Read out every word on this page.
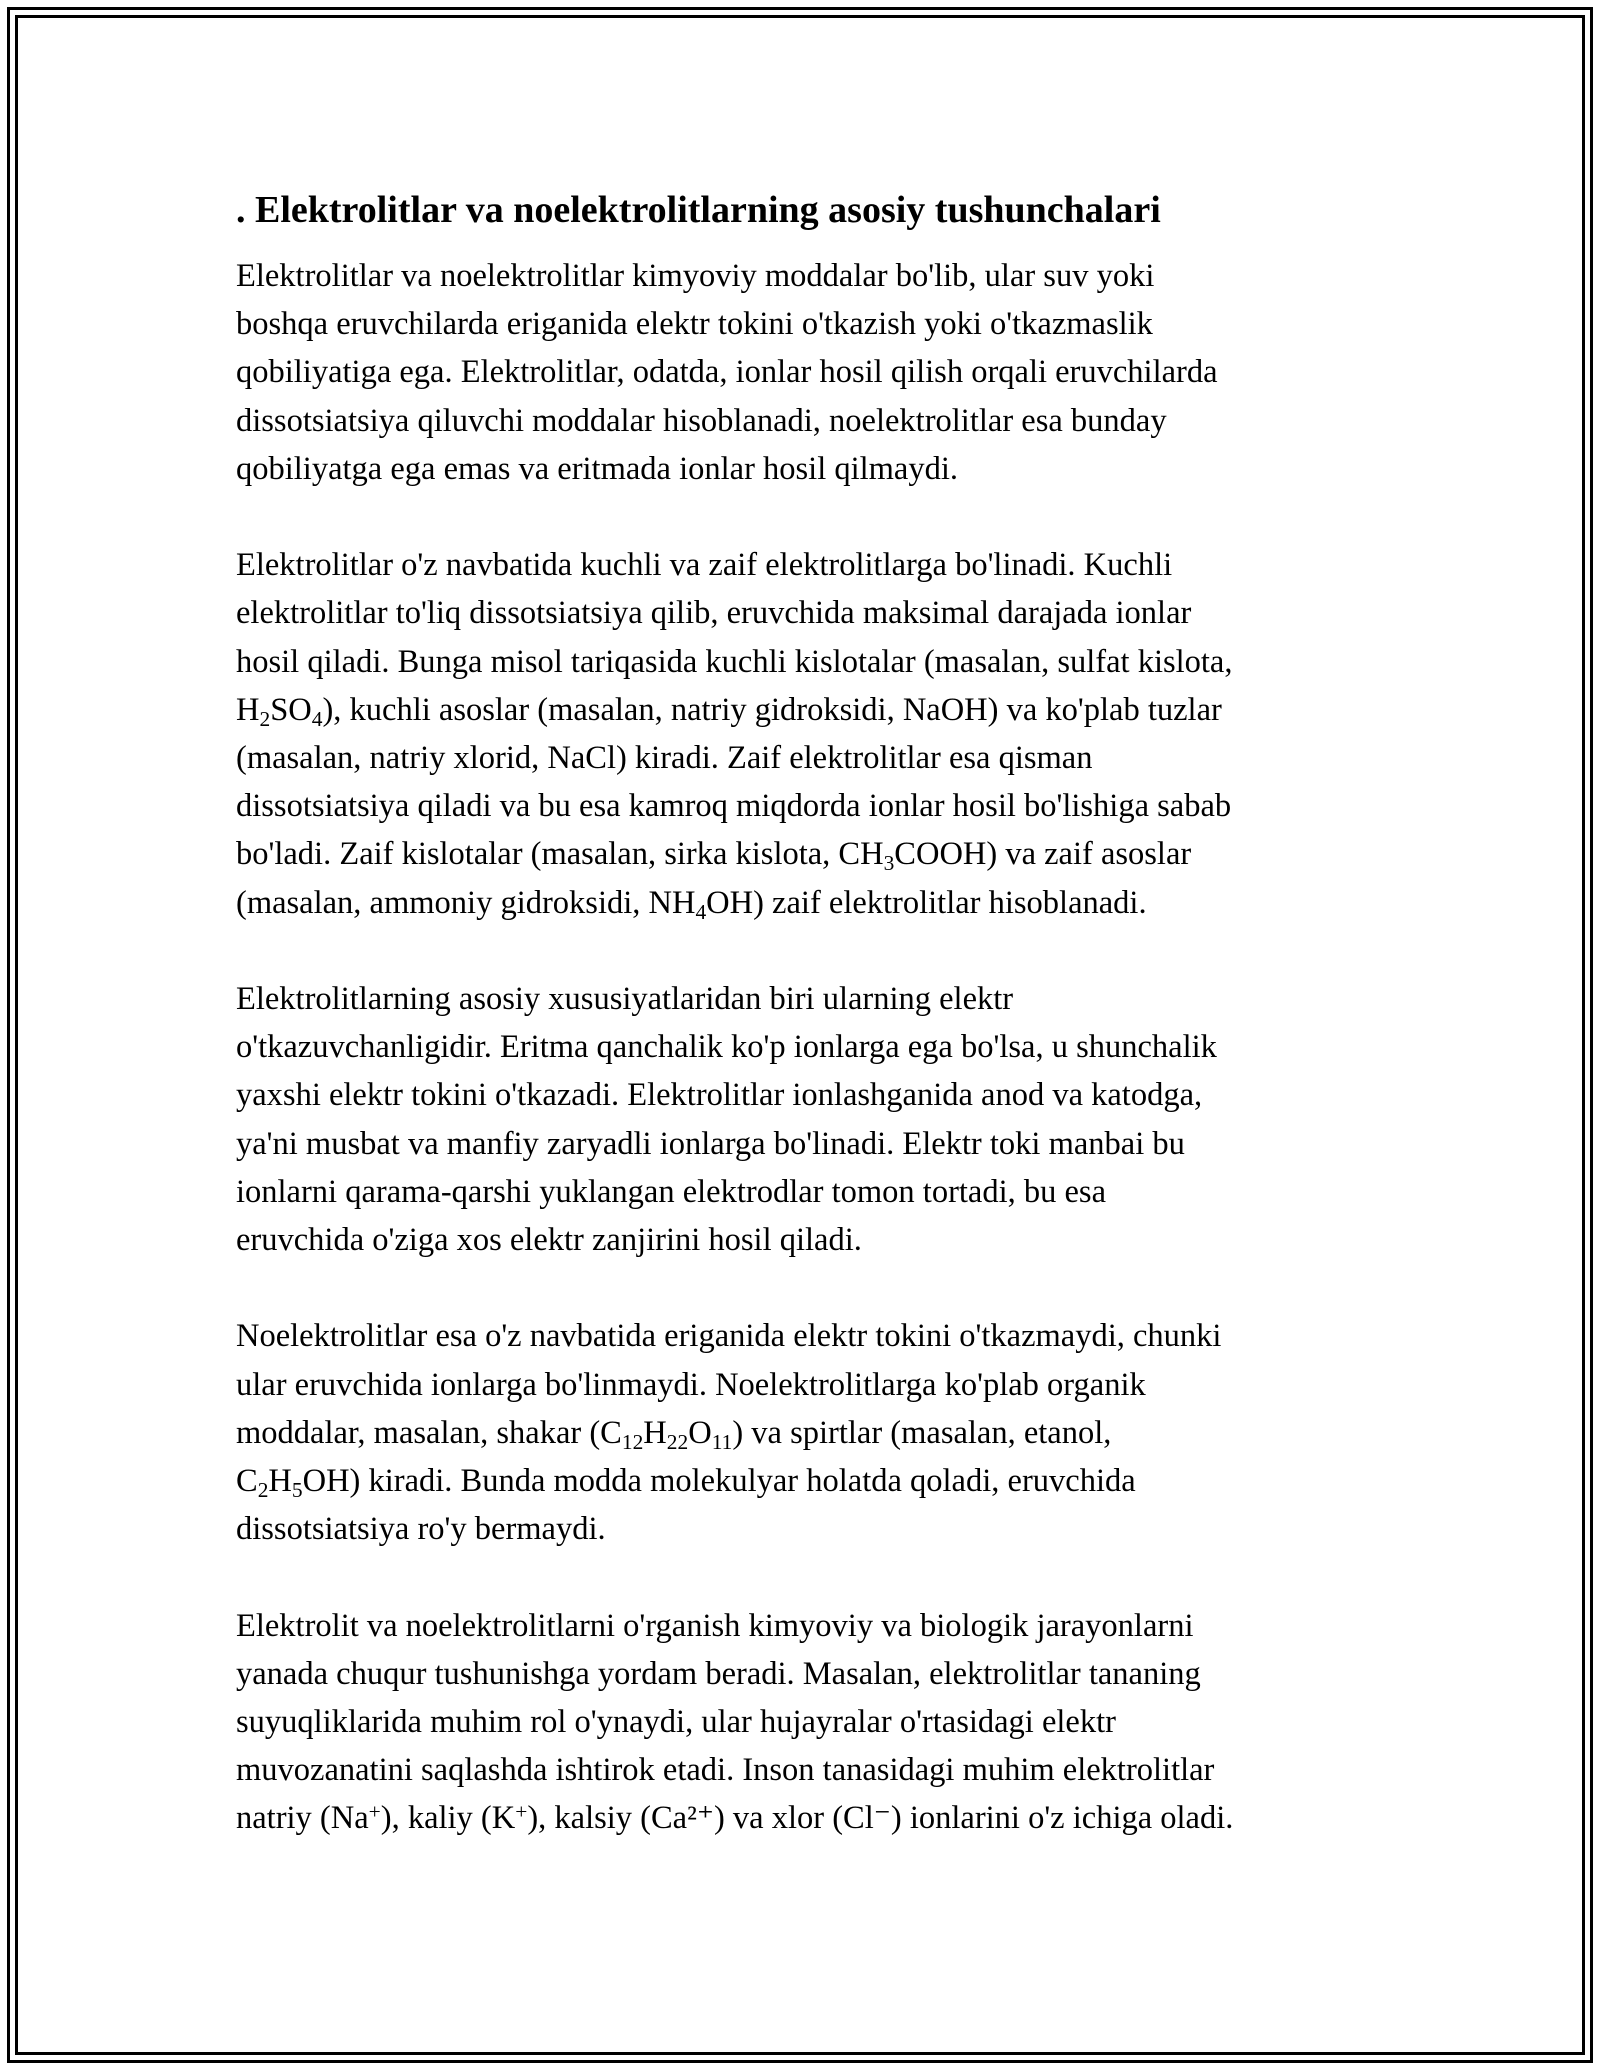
. Elektrolitlar va noelektrolitlarning asosiy tushunchalari

Elektrolitlar va noelektrolitlar kimyoviy moddalar bo'lib, ular suv yoki
boshqa eruvchilarda eriganida elektr tokini o'tkazish yoki o'tkazmaslik
qobiliyatiga ega. Elektrolitlar, odatda, ionlar hosil qilish orqali eruvchilarda
dissotsiatsiya qiluvchi moddalar hisoblanadi, noelektrolitlar esa bunday
qobiliyatga ega emas va eritmada ionlar hosil qilmaydi.

Elektrolitlar o'z navbatida kuchli va zaif elektrolitlarga bo'linadi. Kuchli
elektrolitlar to'liq dissotsiatsiya qilib, eruvchida maksimal darajada ionlar
hosil qiladi. Bunga misol tariqasida kuchli kislotalar (masalan, sulfat kislota,
$H_2SO_4$), kuchli asoslar (masalan, natriy gidroksidi, NaOH) va ko'plab tuzlar
(masalan, natriy xlorid, NaCl) kiradi. Zaif elektrolitlar esa qisman
dissotsiatsiya qiladi va bu esa kamroq miqdorda ionlar hosil bo'lishiga sabab
bo'ladi. Zaif kislotalar (masalan, sirka kislota, $CH_3COOH$) va zaif asoslar
(masalan, ammoniy gidroksidi, $NH_4OH$) zaif elektrolitlar hisoblanadi.

Elektrolitlarning asosiy xususiyatlaridan biri ularning elektr
o'tkazuvchanligidir. Eritma qanchalik ko'p ionlarga ega bo'lsa, u shunchalik
yaxshi elektr tokini o'tkazadi. Elektrolitlar ionlashganida anod va katodga,
ya'ni musbat va manfiy zaryadli ionlarga bo'linadi. Elektr toki manbai bu
ionlarni qarama-qarshi yuklangan elektrodlar tomon tortadi, bu esa
eruvchida o'ziga xos elektr zanjirini hosil qiladi.

Noelektrolitlar esa o'z navbatida eriganida elektr tokini o'tkazmaydi, chunki
ular eruvchida ionlarga bo'linmaydi. Noelektrolitlarga ko'plab organik
moddalar, masalan, shakar $(C_{12}H_{22}O_{11})$ va spirtlar (masalan, etanol,
$C_2H_5OH$) kiradi. Bunda modda molekulyar holatda qoladi, eruvchida
dissotsiatsiya ro'y bermaydi.

Elektrolit va noelektrolitlarni o'rganish kimyoviy va biologik jarayonlarni
yanada chuqur tushunishga yordam beradi. Masalan, elektrolitlar tananing
suyuqliklarida muhim rol o'ynaydi, ular hujayralar o'rtasidagi elektr
muvozanatini saqlashda ishtirok etadi. Inson tanasidagi muhim elektrolitlar
natriy (Na+), kaliy (K+), kalsiy (Ca²⁺) va xlor (Cl⁻) ionlarini o'z ichiga oladi.
